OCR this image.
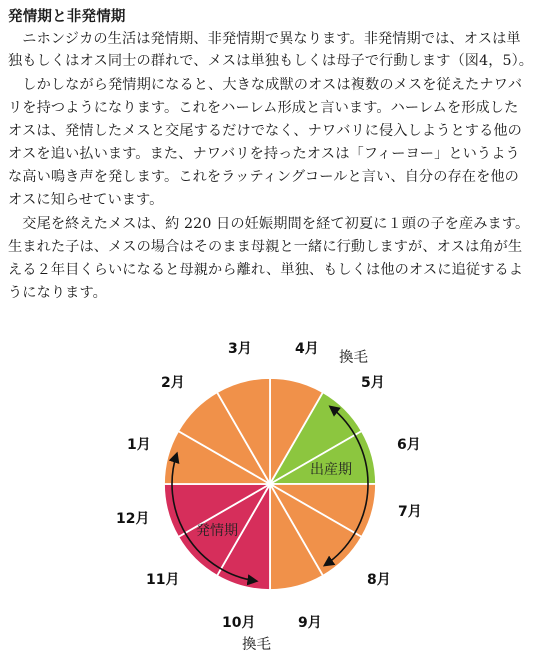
発情期と非発情期
　ニホンジカの生活は発情期、非発情期で異なります。非発情期では、オスは単
独もしくはオス同士の群れで、メスは単独もしくは母子で行動します（図4，5）。
　しかしながら発情期になると、大きな成獣のオスは複数のメスを従えたナワバ
リを持つようになります。これをハーレム形成と言います。ハーレムを形成した
オスは、発情したメスと交尾するだけでなく、ナワバリに侵入しようとする他の
オスを追い払います。また、ナワバリを持ったオスは「フィーヨー」というよう
な高い鳴き声を発します。これをラッティングコールと言い、自分の存在を他の
オスに知らせています。
　交尾を終えたメスは、約 220 日の妊娠期間を経て初夏に１頭の子を産みます。
生まれた子は、メスの場合はそのまま母親と一緒に行動しますが、オスは角が生
える２年目くらいになると母親から離れ、単独、もしくは他のオスに追従するよ
うになります。
出産期
発情期
4月
5月
6月
7月
8月
9月
10月
11月
12月
1月
2月
3月
換毛
換毛
